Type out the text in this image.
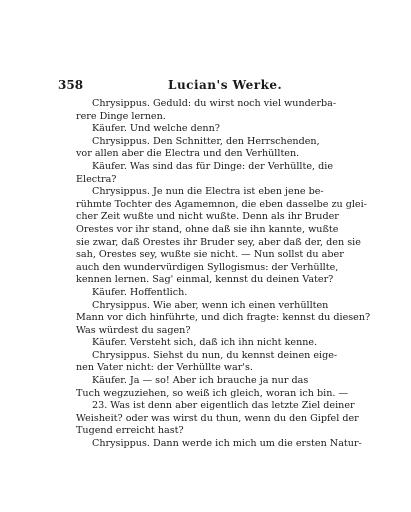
358	Lucian's Werke.
Chrysippus. Geduld: du wirst noch viel wunderba-
rere Dinge lernen.
Käufer. Und welche denn?
Chrysippus. Den Schnitter, den Herrschenden,
vor allen aber die Electra und den Verhüllten.
Käufer. Was sind das für Dinge: der Verhüllte, die
Electra?
Chrysippus. Je nun die Electra ist eben jene be-
rühmte Tochter des Agamemnon, die eben dasselbe zu glei-
cher Zeit wußte und nicht wußte. Denn als ihr Bruder
Orestes vor ihr stand, ohne daß sie ihn kannte, wußte
sie zwar, daß Orestes ihr Bruder sey, aber daß der, den sie
sah, Orestes sey, wußte sie nicht. — Nun sollst du aber
auch den wundervürdigen Syllogismus: der Verhüllte,
kennen lernen. Sag' einmal, kennst du deinen Vater?
Käufer. Hoffentlich.
Chrysippus. Wie aber, wenn ich einen verhüllten
Mann vor dich hinführte, und dich fragte: kennst du diesen?
Was würdest du sagen?
Käufer. Versteht sich, daß ich ihn nicht kenne.
Chrysippus. Siehst du nun, du kennst deinen eige-
nen Vater nicht: der Verhüllte war's.
Käufer. Ja — so! Aber ich brauche ja nur das
Tuch wegzuziehen, so weiß ich gleich, woran ich bin. —
23. Was ist denn aber eigentlich das letzte Ziel deiner
Weisheit? oder was wirst du thun, wenn du den Gipfel der
Tugend erreicht hast?
Chrysippus. Dann werde ich mich um die ersten Natur-
